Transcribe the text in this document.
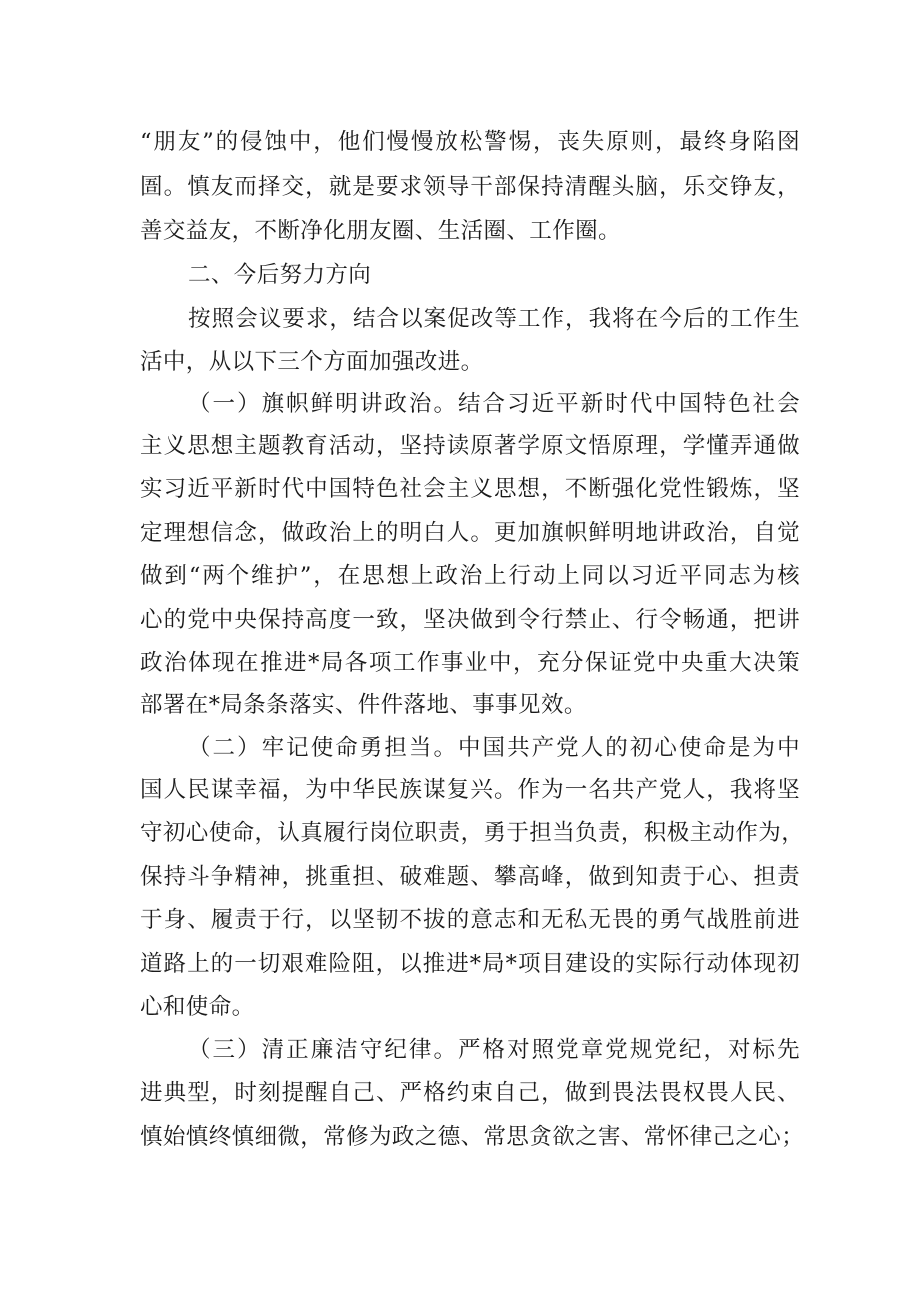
“朋友”的侵蚀中，他们慢慢放松警惕，丧失原则，最终身陷囹
圄。慎友而择交，就是要求领导干部保持清醒头脑，乐交铮友，
善交益友，不断净化朋友圈、生活圈、工作圈。
二、今后努力方向
按照会议要求，结合以案促改等工作，我将在今后的工作生
活中，从以下三个方面加强改进。
（一）旗帜鲜明讲政治。结合习近平新时代中国特色社会
主义思想主题教育活动，坚持读原著学原文悟原理，学懂弄通做
实习近平新时代中国特色社会主义思想，不断强化党性锻炼，坚
定理想信念，做政治上的明白人。更加旗帜鲜明地讲政治，自觉
做到“两个维护”，在思想上政治上行动上同以习近平同志为核
心的党中央保持高度一致，坚决做到令行禁止、行令畅通，把讲
政治体现在推进*局各项工作事业中，充分保证党中央重大决策
部署在*局条条落实、件件落地、事事见效。
（二）牢记使命勇担当。中国共产党人的初心使命是为中
国人民谋幸福，为中华民族谋复兴。作为一名共产党人，我将坚
守初心使命，认真履行岗位职责，勇于担当负责，积极主动作为，
保持斗争精神，挑重担、破难题、攀高峰，做到知责于心、担责
于身、履责于行，以坚韧不拔的意志和无私无畏的勇气战胜前进
道路上的一切艰难险阻，以推进*局*项目建设的实际行动体现初
心和使命。
（三）清正廉洁守纪律。严格对照党章党规党纪，对标先
进典型，时刻提醒自己、严格约束自己，做到畏法畏权畏人民、
慎始慎终慎细微，常修为政之德、常思贪欲之害、常怀律己之心；
